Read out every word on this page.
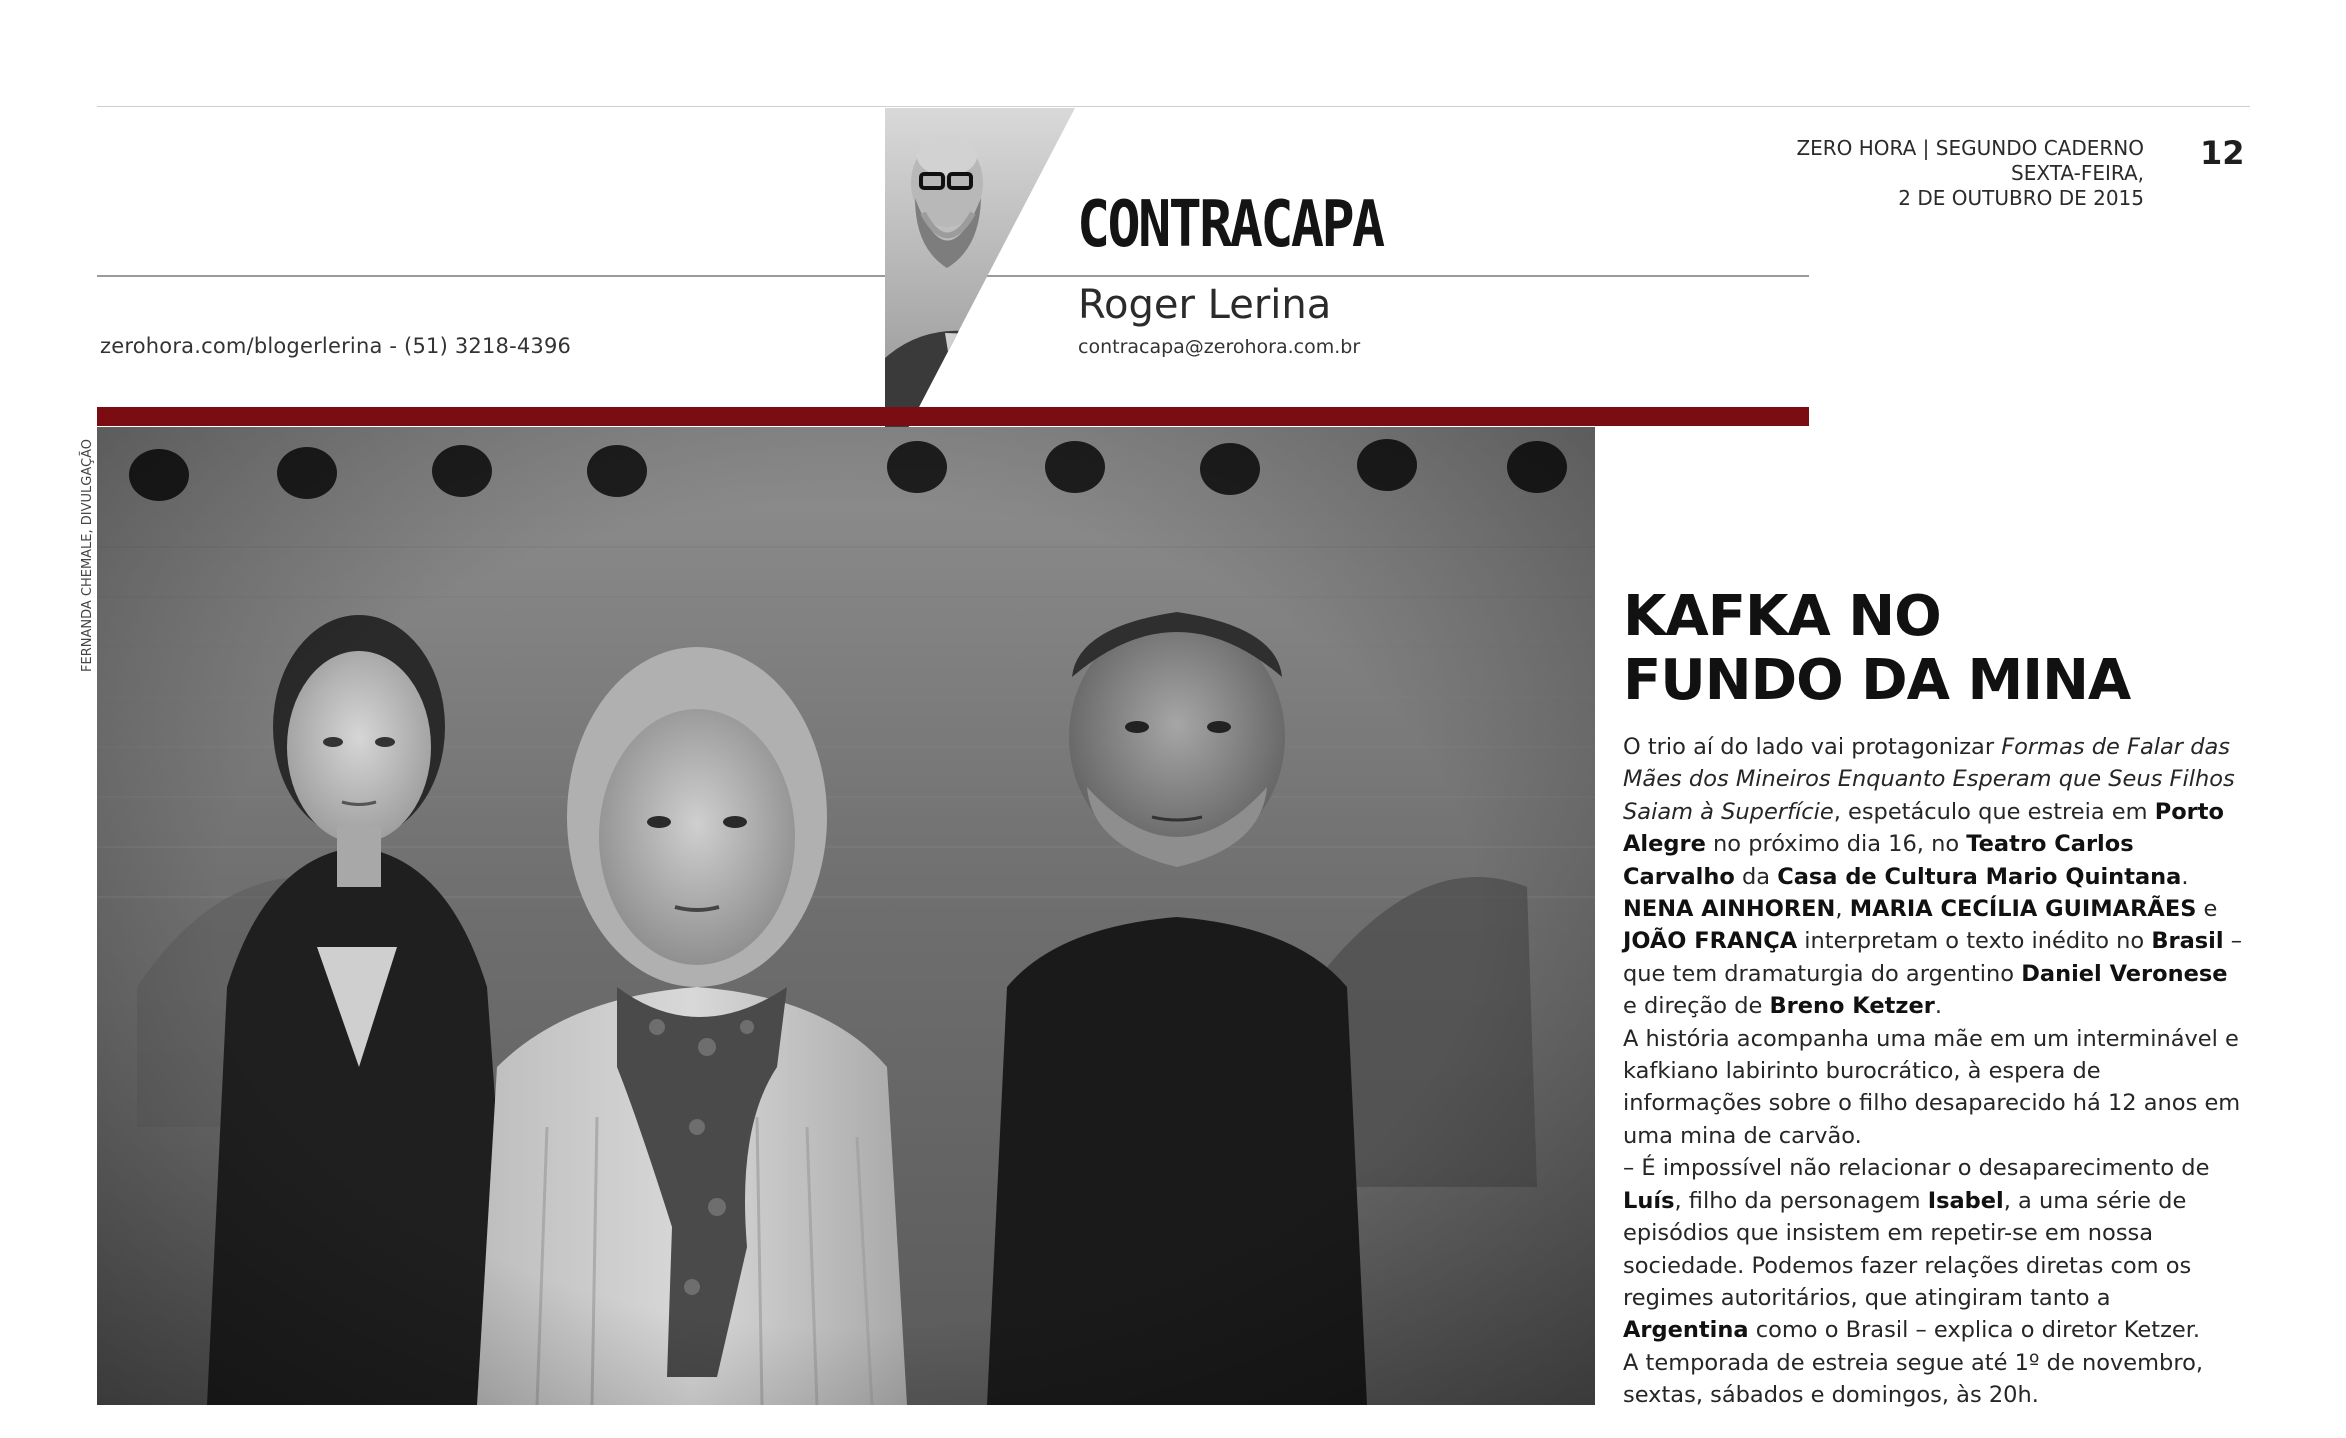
zerohora.com/blogerlerina - (51) 3218-4396
CONTRACAPA
Roger Lerina
contracapa@zerohora.com.br
ZERO HORA | SEGUNDO CADERNO
SEXTA-FEIRA,
2 DE OUTUBRO DE 2015
12
FERNANDA CHEMALE, DIVULGAÇÃO	KAFKA NO
FUNDO DA MINA

O trio aí do lado vai protagonizar Formas de Falar das Mães dos Mineiros Enquanto Esperam que Seus Filhos Saiam à Superfície, espetáculo que estreia em Porto Alegre no próximo dia 16, no Teatro Carlos Carvalho da Casa de Cultura Mario Quintana. NENA AINHOREN, MARIA CECÍLIA GUIMARÃES e JOÃO FRANÇA interpretam o texto inédito no Brasil – que tem dramaturgia do argentino Daniel Veronese e direção de Breno Ketzer.

A história acompanha uma mãe em um interminável e kafkiano labirinto burocrático, à espera de informações sobre o filho desaparecido há 12 anos em uma mina de carvão.

– É impossível não relacionar o desaparecimento de Luís, filho da personagem Isabel, a uma série de episódios que insistem em repetir-se em nossa sociedade. Podemos fazer relações diretas com os regimes autoritários, que atingiram tanto a Argentina como o Brasil – explica o diretor Ketzer.

A temporada de estreia segue até 1º de novembro, sextas, sábados e domingos, às 20h.
